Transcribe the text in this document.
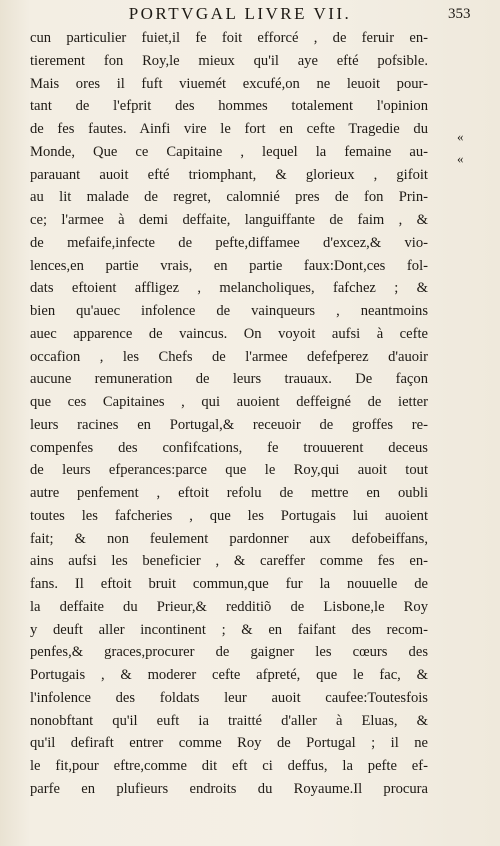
PORTVGAL LIVRE VII.	353
«
«
cun particulier fuiet,il fe foit efforcé , de feruir en-
tierement fon Roy,le mieux qu'il aye efté pofsible.
Mais ores il fuft viuemét excufé,on ne leuoit pour-
tant de l'efprit des hommes totalement l'opinion
de fes fautes. Ainfi vire le fort en cefte Tragedie du
Monde, Que ce Capitaine , lequel la femaine au-
parauant auoit efté triomphant, & glorieux , gifoit
au lit malade de regret, calomnié pres de fon Prin-
ce; l'armee à demi deffaite, languiffante de faim , &
de mefaife,infecte de pefte,diffamee d'excez,& vio-
lences,en partie vrais, en partie faux:Dont,ces fol-
dats eftoient affligez , melancholiques, fafchez ; &
bien qu'auec infolence de vainqueurs , neantmoins
auec apparence de vaincus. On voyoit aufsi à cefte
occafion , les Chefs de l'armee defefperez d'auoir
aucune remuneration de leurs trauaux. De façon
que ces Capitaines , qui auoient deffeigné de ietter
leurs racines en Portugal,& receuoir de groffes re-
compenfes des confifcations, fe trouuerent deceus
de leurs efperances:parce que le Roy,qui auoit tout
autre penfement , eftoit refolu de mettre en oubli
toutes les fafcheries , que les Portugais lui auoient
fait; & non feulement pardonner aux defobeiffans,
ains aufsi les beneficier , & careffer comme fes en-
fans. Il eftoit bruit commun,que fur la nouuelle de
la deffaite du Prieur,& redditiõ de Lisbone,le Roy
y deuft aller incontinent ; & en faifant des recom-
penfes,& graces,procurer de gaigner les cœurs des
Portugais , & moderer cefte afpreté, que le fac, &
l'infolence des foldats leur auoit caufee:Toutesfois
nonobftant qu'il euft ia traitté d'aller à Eluas, &
qu'il defiraft entrer comme Roy de Portugal ; il ne
le fit,pour eftre,comme dit eft ci deffus, la pefte ef-
parfe en plufieurs endroits du Royaume.Il procura
